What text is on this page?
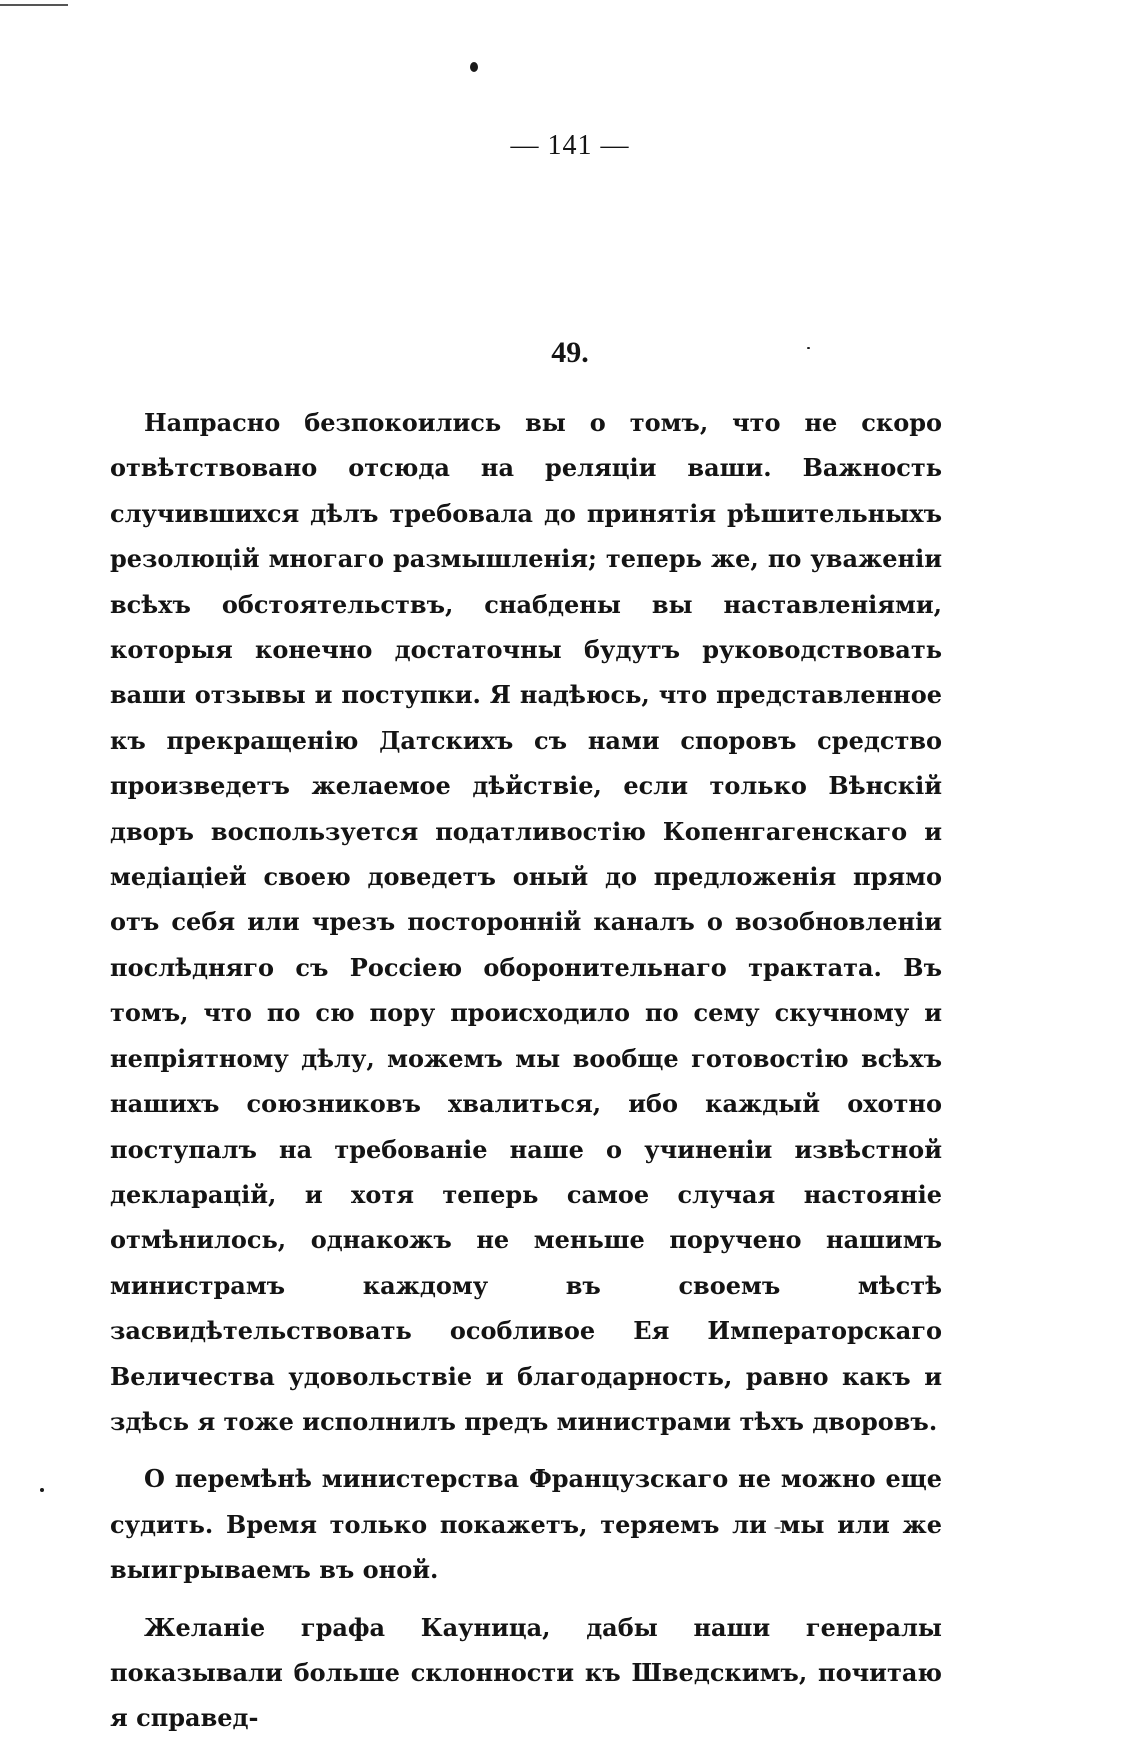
— 141 —
49.

Напрасно безпокоились вы о томъ, что не скоро отвѣтствовано отсюда на реляціи ваши. Важность случившихся дѣлъ требовала до принятія рѣшительныхъ резолюцій многаго размышленія; теперь же, по уваженіи всѣхъ обстоятельствъ, снабдены вы наставленіями, которыя конечно достаточны будутъ руководствовать ваши отзывы и поступки. Я надѣюсь, что представленное къ прекращенію Датскихъ съ нами споровъ средство произведетъ желаемое дѣйствіе, если только Вѣнскій дворъ воспользуется податливостію Копенгагенскаго и медіаціей своею доведетъ оный до предложенія прямо отъ себя или чрезъ посторонній каналъ о возобновленіи послѣдняго съ Россіею оборонительнаго трактата. Въ томъ, что по сю пору происходило по сему скучному и непріятному дѣлу, можемъ мы вообще готовостію всѣхъ нашихъ союзниковъ хвалиться, ибо каждый охотно поступалъ на требованіе наше о учиненіи извѣстной декларацій, и хотя теперь самое случая настояніе отмѣнилось, однакожъ не меньше поручено нашимъ министрамъ каждому въ своемъ мѣстѣ засвидѣтельствовать особливое Ея Императорскаго Величества удовольствіе и благодарность, равно какъ и здѣсь я тоже исполнилъ предъ министрами тѣхъ дворовъ.

О перемѣнѣ министерства Французскаго не можно еще судить. Время только покажетъ, теряемъ ли мы или же выигрываемъ въ оной.

Желаніе графа Кауница, дабы наши генералы показывали больше склонности къ Шведскимъ, почитаю я справед-
